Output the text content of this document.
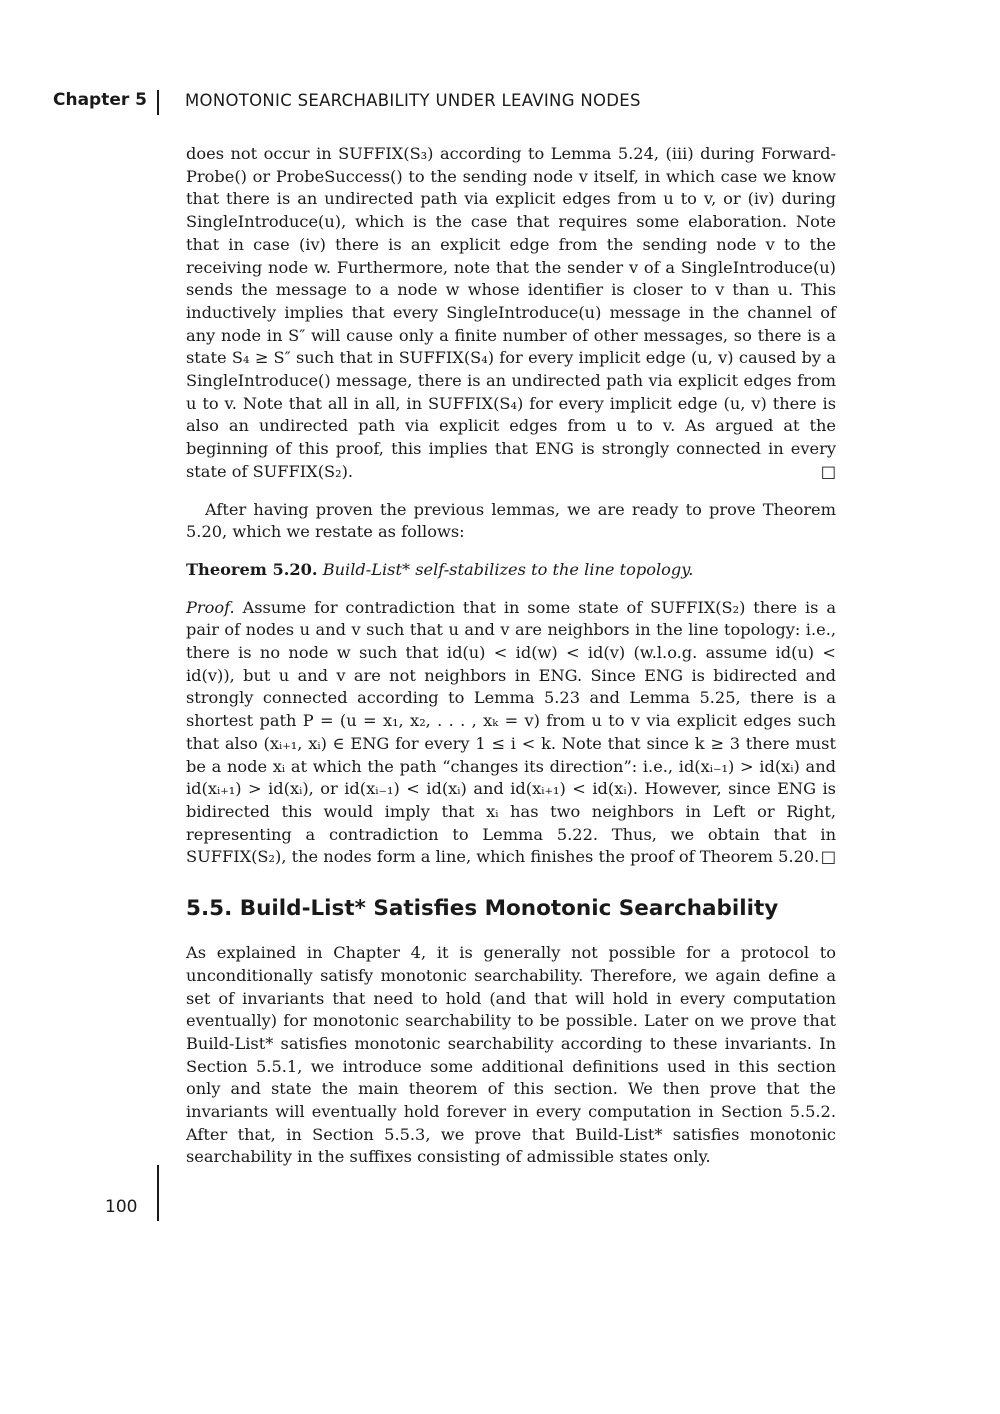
Chapter 5 MONOTONIC SEARCHABILITY UNDER LEAVING NODES

does not occur in SUFFIX(S₃) according to Lemma 5.24, (iii) during Forward-Probe() or ProbeSuccess() to the sending node v itself, in which case we know that there is an undirected path via explicit edges from u to v, or (iv) during SingleIntroduce(u), which is the case that requires some elaboration. Note that in case (iv) there is an explicit edge from the sending node v to the receiving node w. Furthermore, note that the sender v of a SingleIntroduce(u) sends the message to a node w whose identifier is closer to v than u. This inductively implies that every SingleIntroduce(u) message in the channel of any node in S″ will cause only a finite number of other messages, so there is a state S₄ ≥ S″ such that in SUFFIX(S₄) for every implicit edge (u, v) caused by a SingleIntroduce() message, there is an undirected path via explicit edges from u to v. Note that all in all, in SUFFIX(S₄) for every implicit edge (u, v) there is also an undirected path via explicit edges from u to v. As argued at the beginning of this proof, this implies that ENG is strongly connected in every state of SUFFIX(S₂).	□

After having proven the previous lemmas, we are ready to prove Theorem 5.20, which we restate as follows:

Theorem 5.20. Build-List* self-stabilizes to the line topology.

Proof. Assume for contradiction that in some state of SUFFIX(S₂) there is a pair of nodes u and v such that u and v are neighbors in the line topology: i.e., there is no node w such that id(u) < id(w) < id(v) (w.l.o.g. assume id(u) < id(v)), but u and v are not neighbors in ENG. Since ENG is bidirected and strongly connected according to Lemma 5.23 and Lemma 5.25, there is a shortest path P = (u = x₁, x₂, . . . , xₖ = v) from u to v via explicit edges such that also (xᵢ₊₁, xᵢ) ∈ ENG for every 1 ≤ i < k. Note that since k ≥ 3 there must be a node xᵢ at which the path “changes its direction”: i.e., id(xᵢ₋₁) > id(xᵢ) and id(xᵢ₊₁) > id(xᵢ), or id(xᵢ₋₁) < id(xᵢ) and id(xᵢ₊₁) < id(xᵢ). However, since ENG is bidirected this would imply that xᵢ has two neighbors in Left or Right, representing a contradiction to Lemma 5.22. Thus, we obtain that in SUFFIX(S₂), the nodes form a line, which finishes the proof of Theorem 5.20. □

5.5. Build-List* Satisfies Monotonic Searchability

As explained in Chapter 4, it is generally not possible for a protocol to unconditionally satisfy monotonic searchability. Therefore, we again define a set of invariants that need to hold (and that will hold in every computation eventually) for monotonic searchability to be possible. Later on we prove that Build-List* satisfies monotonic searchability according to these invariants. In Section 5.5.1, we introduce some additional definitions used in this section only and state the main theorem of this section. We then prove that the invariants will eventually hold forever in every computation in Section 5.5.2. After that, in Section 5.5.3, we prove that Build-List* satisfies monotonic searchability in the suffixes consisting of admissible states only.

100
